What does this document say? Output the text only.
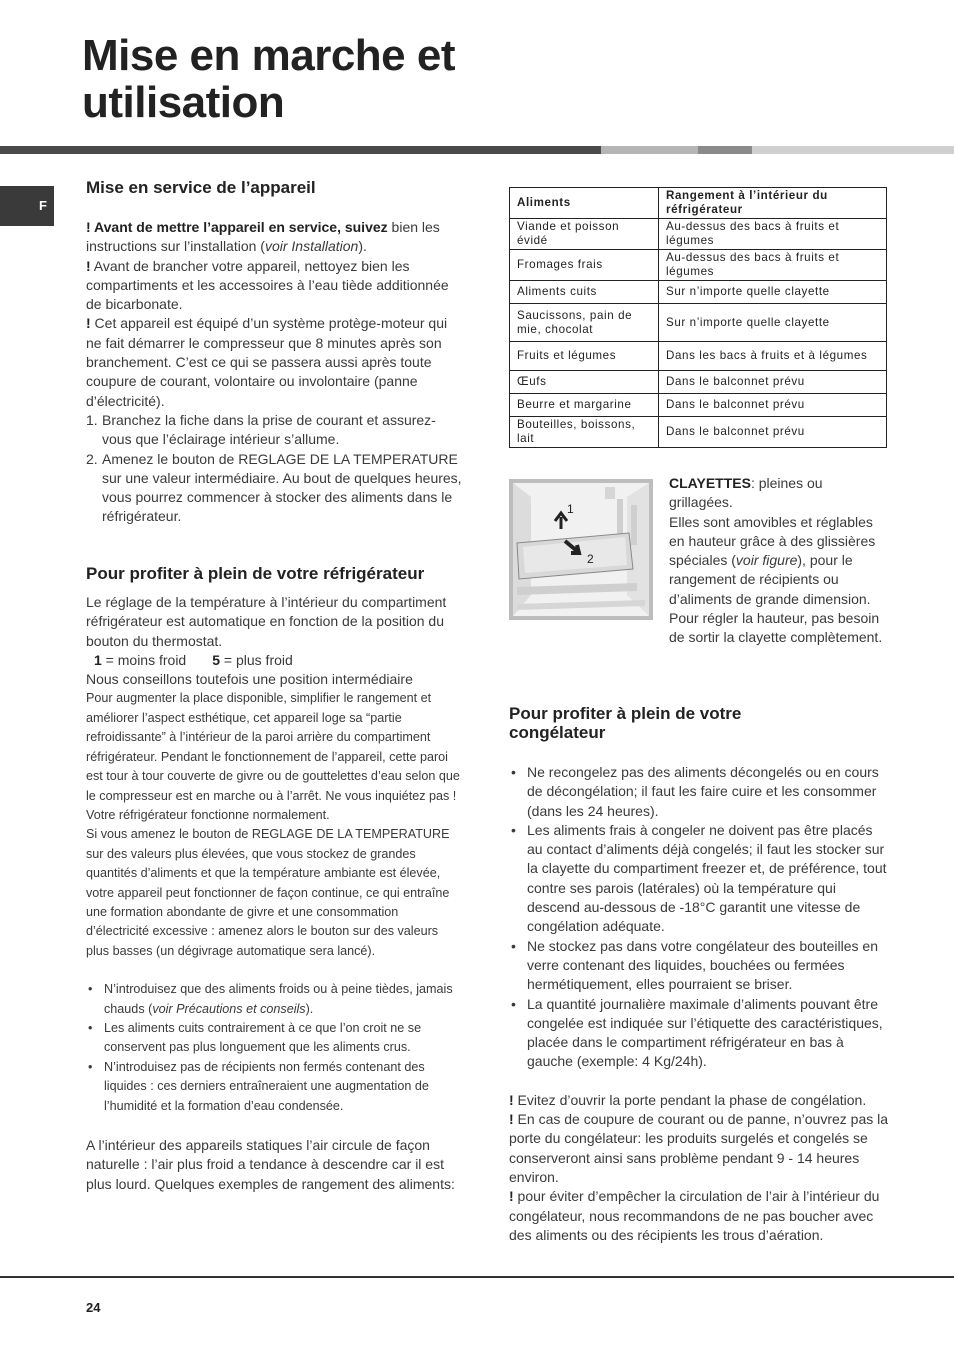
Mise en marche et
utilisation
F
Mise en service de l’appareil

! Avant de mettre l’appareil en service, suivez bien les instructions sur l’installation (voir Installation).

! Avant de brancher votre appareil, nettoyez bien les compartiments et les accessoires à l’eau tiède additionnée de bicarbonate.

! Cet appareil est équipé d’un système protège-moteur qui ne fait démarrer le compresseur que 8 minutes après son branchement. C’est ce qui se passera aussi après toute coupure de courant, volontaire ou involontaire (panne d’électricité).

1. Branchez la fiche dans la prise de courant et assurez-vous que l’éclairage intérieur s’allume.
2. Amenez le bouton de REGLAGE DE LA TEMPERATURE sur une valeur intermédiaire. Au bout de quelques heures, vous pourrez commencer à stocker des aliments dans le réfrigérateur.
Pour profiter à plein de votre réfrigérateur

Le réglage de la température à l’intérieur du compartiment réfrigérateur est automatique en fonction de la position du bouton du thermostat.

1 = moins froid 5 = plus froid

Nous conseillons toutefois une position intermédiaire

Pour augmenter la place disponible, simplifier le rangement et améliorer l’aspect esthétique, cet appareil loge sa “partie refroidissante” à l’intérieur de la paroi arrière du compartiment réfrigérateur. Pendant le fonctionnement de l’appareil, cette paroi est tour à tour couverte de givre ou de gouttelettes d’eau selon que le compresseur est en marche ou à l’arrêt. Ne vous inquiétez pas ! Votre réfrigérateur fonctionne normalement.

Si vous amenez le bouton de REGLAGE DE LA TEMPERATURE sur des valeurs plus élevées, que vous stockez de grandes quantités d’aliments et que la température ambiante est élevée, votre appareil peut fonctionner de façon continue, ce qui entraîne une formation abondante de givre et une consommation d’électricité excessive : amenez alors le bouton sur des valeurs plus basses (un dégivrage automatique sera lancé).

• N’introduisez que des aliments froids ou à peine tièdes, jamais chauds (voir Précautions et conseils).
• Les aliments cuits contrairement à ce que l’on croit ne se conservent pas plus longuement que les aliments crus.
• N’introduisez pas de récipients non fermés contenant des liquides : ces derniers entraîneraient une augmentation de l’humidité et la formation d’eau condensée.

A l’intérieur des appareils statiques l’air circule de façon naturelle : l’air plus froid a tendance à descendre car il est plus lourd. Quelques exemples de rangement des aliments:

Aliments	Rangement à l’intérieur du réfrigérateur
Viande et poisson évidé	Au-dessus des bacs à fruits et légumes
Fromages frais	Au-dessus des bacs à fruits et légumes
Aliments cuits	Sur n’importe quelle clayette
Saucissons, pain de mie, chocolat	Sur n’importe quelle clayette
Fruits et légumes	Dans les bacs à fruits et à légumes
Œufs	Dans le balconnet prévu
Beurre et margarine	Dans le balconnet prévu
Bouteilles, boissons, lait	Dans le balconnet prévu
1
2

CLAYETTES: pleines ou grillagées.

Elles sont amovibles et réglables en hauteur grâce à des glissières spéciales (voir figure), pour le rangement de récipients ou d’aliments de grande dimension. Pour régler la hauteur, pas besoin de sortir la clayette complètement.

Pour profiter à plein de votre
congélateur
• Ne recongelez pas des aliments décongelés ou en cours de décongélation; il faut les faire cuire et les consommer (dans les 24 heures).
• Les aliments frais à congeler ne doivent pas être placés au contact d’aliments déjà congelés; il faut les stocker sur la clayette du compartiment freezer et, de préférence, tout contre ses parois (latérales) où la température qui descend au-dessous de -18°C garantit une vitesse de congélation adéquate.
• Ne stockez pas dans votre congélateur des bouteilles en verre contenant des liquides, bouchées ou fermées hermétiquement, elles pourraient se briser.
• La quantité journalière maximale d’aliments pouvant être congelée est indiquée sur l’étiquette des caractéristiques, placée dans le compartiment réfrigérateur en bas à gauche (exemple: 4 Kg/24h).

! Evitez d’ouvrir la porte pendant la phase de congélation.

! En cas de coupure de courant ou de panne, n’ouvrez pas la porte du congélateur: les produits surgelés et congelés se conserveront ainsi sans problème pendant 9 - 14 heures environ.

! pour éviter d’empêcher la circulation de l’air à l’intérieur du congélateur, nous recommandons de ne pas boucher avec des aliments ou des récipients les trous d’aération.

24
